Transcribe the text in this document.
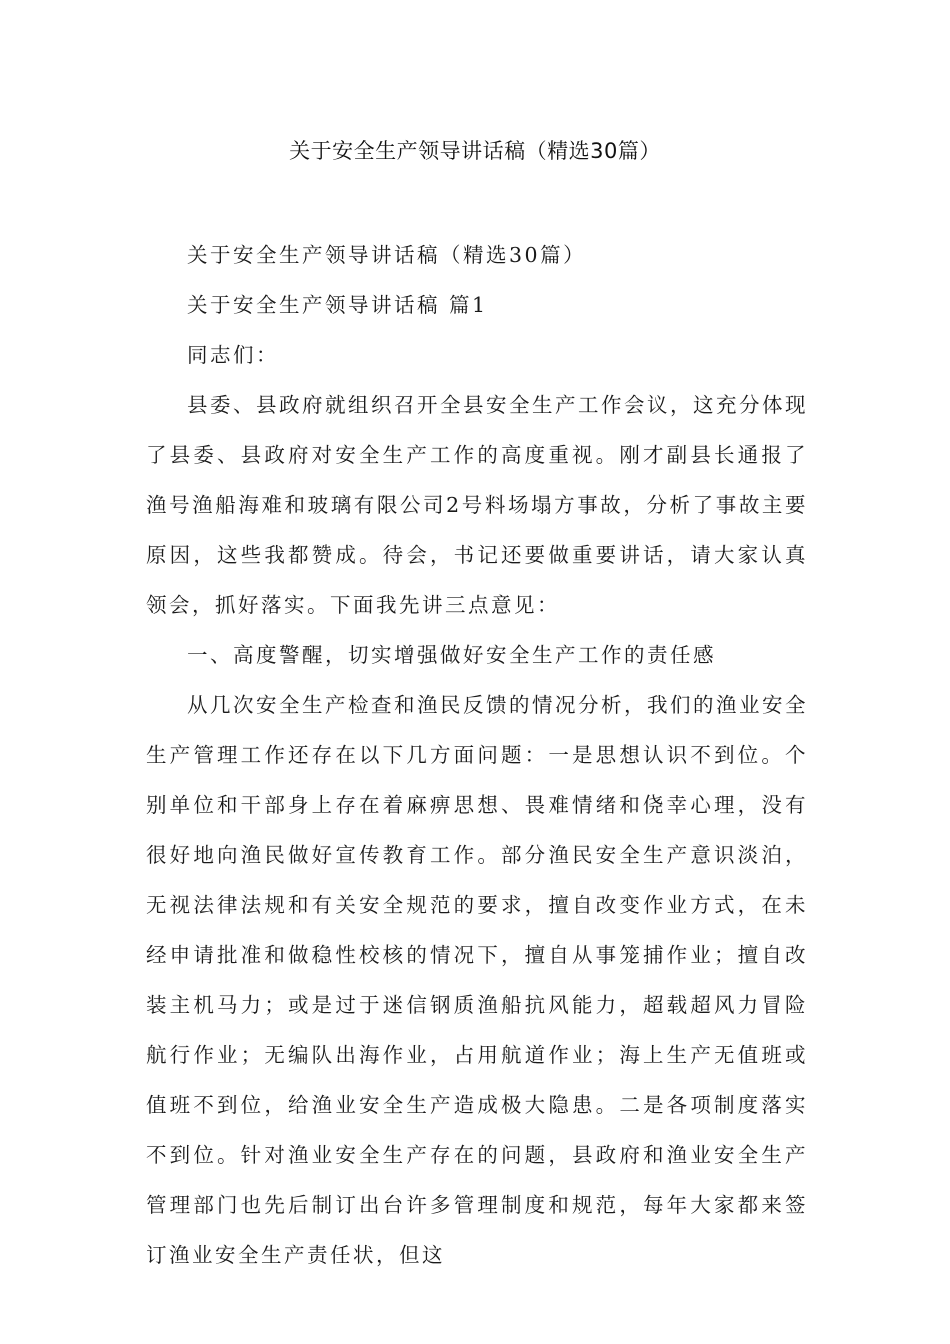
关于安全生产领导讲话稿（精选30篇）

关于安全生产领导讲话稿（精选30篇）

关于安全生产领导讲话稿 篇1

同志们：

县委、县政府就组织召开全县安全生产工作会议，这充分体现了县委、县政府对安全生产工作的高度重视。刚才副县长通报了渔号渔船海难和玻璃有限公司2号料场塌方事故，分析了事故主要原因，这些我都赞成。待会，书记还要做重要讲话，请大家认真领会，抓好落实。下面我先讲三点意见：

一、高度警醒，切实增强做好安全生产工作的责任感

从几次安全生产检查和渔民反馈的情况分析，我们的渔业安全生产管理工作还存在以下几方面问题：一是思想认识不到位。个别单位和干部身上存在着麻痹思想、畏难情绪和侥幸心理，没有很好地向渔民做好宣传教育工作。部分渔民安全生产意识淡泊，无视法律法规和有关安全规范的要求，擅自改变作业方式，在未经申请批准和做稳性校核的情况下，擅自从事笼捕作业；擅自改装主机马力；或是过于迷信钢质渔船抗风能力，超载超风力冒险航行作业；无编队出海作业，占用航道作业；海上生产无值班或值班不到位，给渔业安全生产造成极大隐患。二是各项制度落实不到位。针对渔业安全生产存在的问题，县政府和渔业安全生产管理部门也先后制订出台许多管理制度和规范，每年大家都来签订渔业安全生产责任状，但这
